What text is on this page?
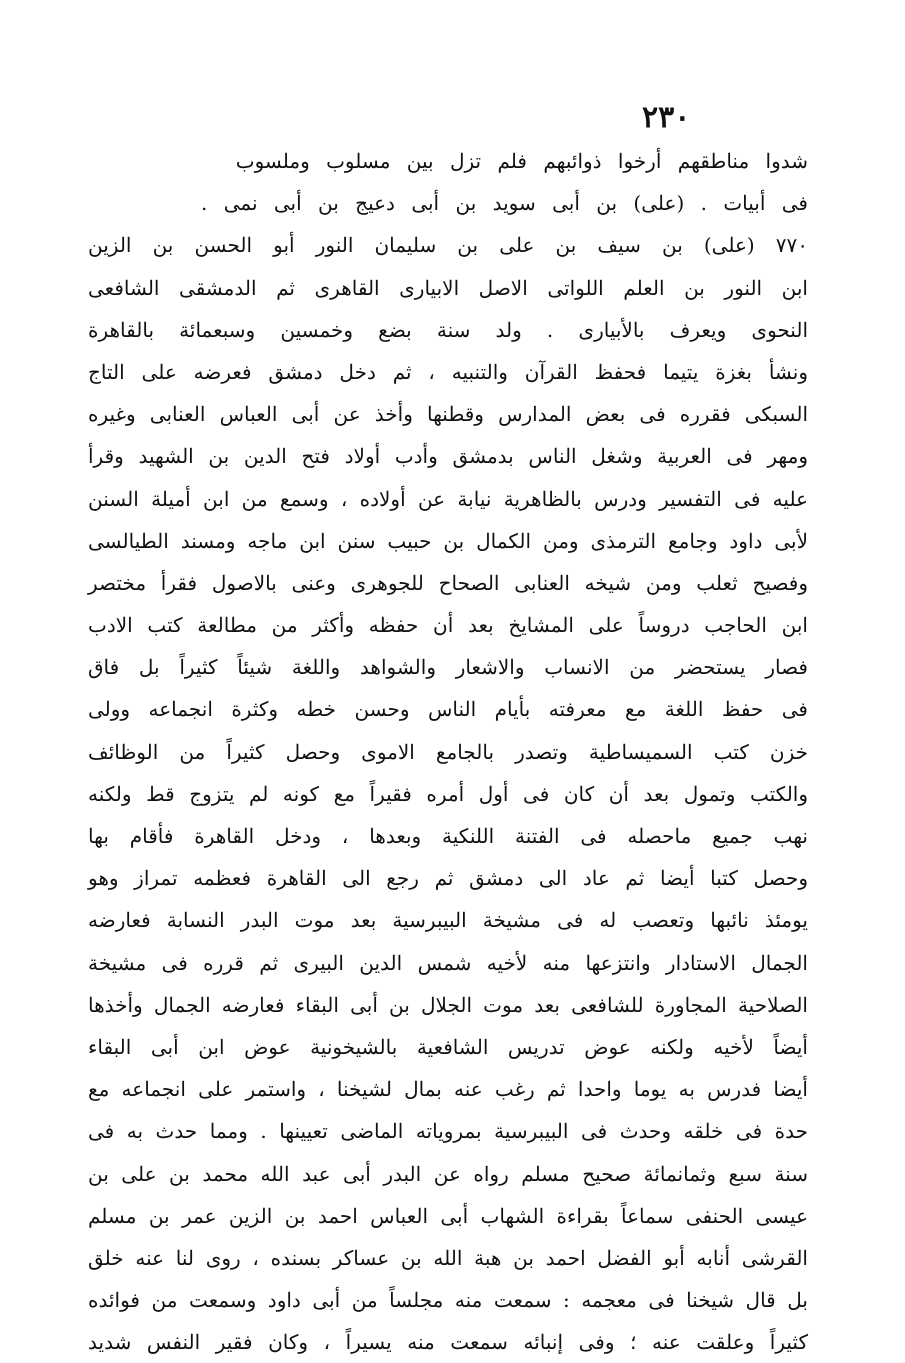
٢٣٠
شدوا مناطقهم أرخوا ذوائبهم فلم تزل بين مسلوب وملسوب
فى أبيات . (على) بن أبى سويد بن أبى دعيج بن أبى نمى .
٧٧٠ (على) بن سيف بن على بن سليمان النور أبو الحسن بن الزين
ابن النور بن العلم اللواتى الاصل الابيارى القاهرى ثم الدمشقى الشافعى
النحوى ويعرف بالأبيارى . ولد سنة بضع وخمسين وسبعمائة بالقاهرة
ونشأ بغزة يتيما فحفظ القرآن والتنبيه ، ثم دخل دمشق فعرضه على التاج
السبكى فقرره فى بعض المدارس وقطنها وأخذ عن أبى العباس العنابى وغيره
ومهر فى العربية وشغل الناس بدمشق وأدب أولاد فتح الدين بن الشهيد وقرأ
عليه فى التفسير ودرس بالظاهرية نيابة عن أولاده ، وسمع من ابن أميلة السنن
لأبى داود وجامع الترمذى ومن الكمال بن حبيب سنن ابن ماجه ومسند الطيالسى
وفصيح ثعلب ومن شيخه العنابى الصحاح للجوهرى وعنى بالاصول فقرأ مختصر
ابن الحاجب دروساً على المشايخ بعد أن حفظه وأكثر من مطالعة كتب الادب
فصار يستحضر من الانساب والاشعار والشواهد واللغة شيئاً كثيراً بل فاق
فى حفظ اللغة مع معرفته بأيام الناس وحسن خطه وكثرة انجماعه وولى
خزن كتب السميساطية وتصدر بالجامع الاموى وحصل كثيراً من الوظائف
والكتب وتمول بعد أن كان فى أول أمره فقيراً مع كونه لم يتزوج قط ولكنه
نهب جميع ماحصله فى الفتنة اللنكية وبعدها ، ودخل القاهرة فأقام بها
وحصل كتبا أيضا ثم عاد الى دمشق ثم رجع الى القاهرة فعظمه تمراز وهو
يومئذ نائبها وتعصب له فى مشيخة البيبرسية بعد موت البدر النسابة فعارضه
الجمال الاستادار وانتزعها منه لأخيه شمس الدين البيرى ثم قرره فى مشيخة
الصلاحية المجاورة للشافعى بعد موت الجلال بن أبى البقاء فعارضه الجمال وأخذها
أيضاً لأخيه ولكنه عوض تدريس الشافعية بالشيخونية عوض ابن أبى البقاء
أيضا فدرس به يوما واحدا ثم رغب عنه بمال لشيخنا ، واستمر على انجماعه مع
حدة فى خلقه وحدث فى البيبرسية بمروياته الماضى تعيينها . ومما حدث به فى
سنة سبع وثمانمائة صحيح مسلم رواه عن البدر أبى عبد الله محمد بن على بن
عيسى الحنفى سماعاً بقراءة الشهاب أبى العباس احمد بن الزين عمر بن مسلم
القرشى أنابه أبو الفضل احمد بن هبة الله بن عساكر بسنده ، روى لنا عنه خلق
بل قال شيخنا فى معجمه : سمعت منه مجلساً من أبى داود وسمعت من فوائده
كثيراً وعلقت عنه ؛ وفى إنبائه سمعت منه يسيراً ، وكان فقير النفس شديد
